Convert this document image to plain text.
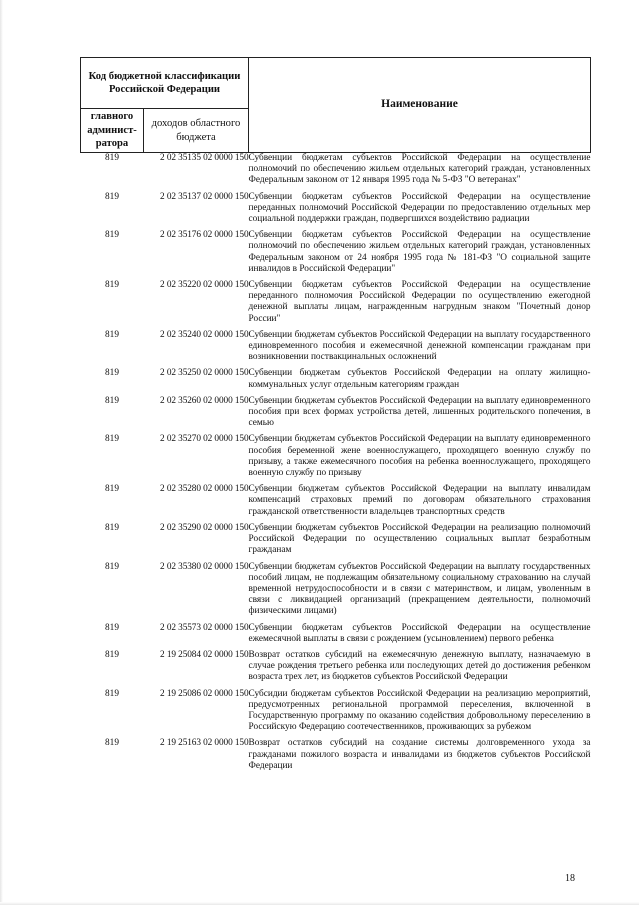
Код бюджетной классификации Российской Федерации		Наименование
главного админист-ратора	доходов областного бюджета	
819	2 02 35135 02 0000 150	Субвенции бюджетам субъектов Российской Федерации на осуществление полномочий по обеспечению жильем отдельных категорий граждан, установленных Федеральным законом от 12 января 1995 года № 5-ФЗ "О ветеранах"
819	2 02 35137 02 0000 150	Субвенции бюджетам субъектов Российской Федерации на осуществление переданных полномочий Российской Федерации по предоставлению отдельных мер социальной поддержки граждан, подвергшихся воздействию радиации
819	2 02 35176 02 0000 150	Субвенции бюджетам субъектов Российской Федерации на осуществление полномочий по обеспечению жильем отдельных категорий граждан, установленных Федеральным законом от 24 ноября 1995 года № 181-ФЗ "О социальной защите инвалидов в Российской Федерации"
819	2 02 35220 02 0000 150	Субвенции бюджетам субъектов Российской Федерации на осуществление переданного полномочия Российской Федерации по осуществлению ежегодной денежной выплаты лицам, награжденным нагрудным знаком "Почетный донор России"
819	2 02 35240 02 0000 150	Субвенции бюджетам субъектов Российской Федерации на выплату государственного единовременного пособия и ежемесячной денежной компенсации гражданам при возникновении поствакцинальных осложнений
819	2 02 35250 02 0000 150	Субвенции бюджетам субъектов Российской Федерации на оплату жилищно-коммунальных услуг отдельным категориям граждан
819	2 02 35260 02 0000 150	Субвенции бюджетам субъектов Российской Федерации на выплату единовременного пособия при всех формах устройства детей, лишенных родительского попечения, в семью
819	2 02 35270 02 0000 150	Субвенции бюджетам субъектов Российской Федерации на выплату единовременного пособия беременной жене военнослужащего, проходящего военную службу по призыву, а также ежемесячного пособия на ребенка военнослужащего, проходящего военную службу по призыву
819	2 02 35280 02 0000 150	Субвенции бюджетам субъектов Российской Федерации на выплату инвалидам компенсаций страховых премий по договорам обязательного страхования гражданской ответственности владельцев транспортных средств
819	2 02 35290 02 0000 150	Субвенции бюджетам субъектов Российской Федерации на реализацию полномочий Российской Федерации по осуществлению социальных выплат безработным гражданам
819	2 02 35380 02 0000 150	Субвенции бюджетам субъектов Российской Федерации на выплату государственных пособий лицам, не подлежащим обязательному социальному страхованию на случай временной нетрудоспособности и в связи с материнством, и лицам, уволенным в связи с ликвидацией организаций (прекращением деятельности, полномочий физическими лицами)
819	2 02 35573 02 0000 150	Субвенции бюджетам субъектов Российской Федерации на осуществление ежемесячной выплаты в связи с рождением (усыновлением) первого ребенка
819	2 19 25084 02 0000 150	Возврат остатков субсидий на ежемесячную денежную выплату, назначаемую в случае рождения третьего ребенка или последующих детей до достижения ребенком возраста трех лет, из бюджетов субъектов Российской Федерации
819	2 19 25086 02 0000 150	Субсидии бюджетам субъектов Российской Федерации на реализацию мероприятий, предусмотренных региональной программой переселения, включенной в Государственную программу по оказанию содействия добровольному переселению в Российскую Федерацию соотечественников, проживающих за рубежом
819	2 19 25163 02 0000 150	Возврат остатков субсидий на создание системы долговременного ухода за гражданами пожилого возраста и инвалидами из бюджетов субъектов Российской Федерации
18
